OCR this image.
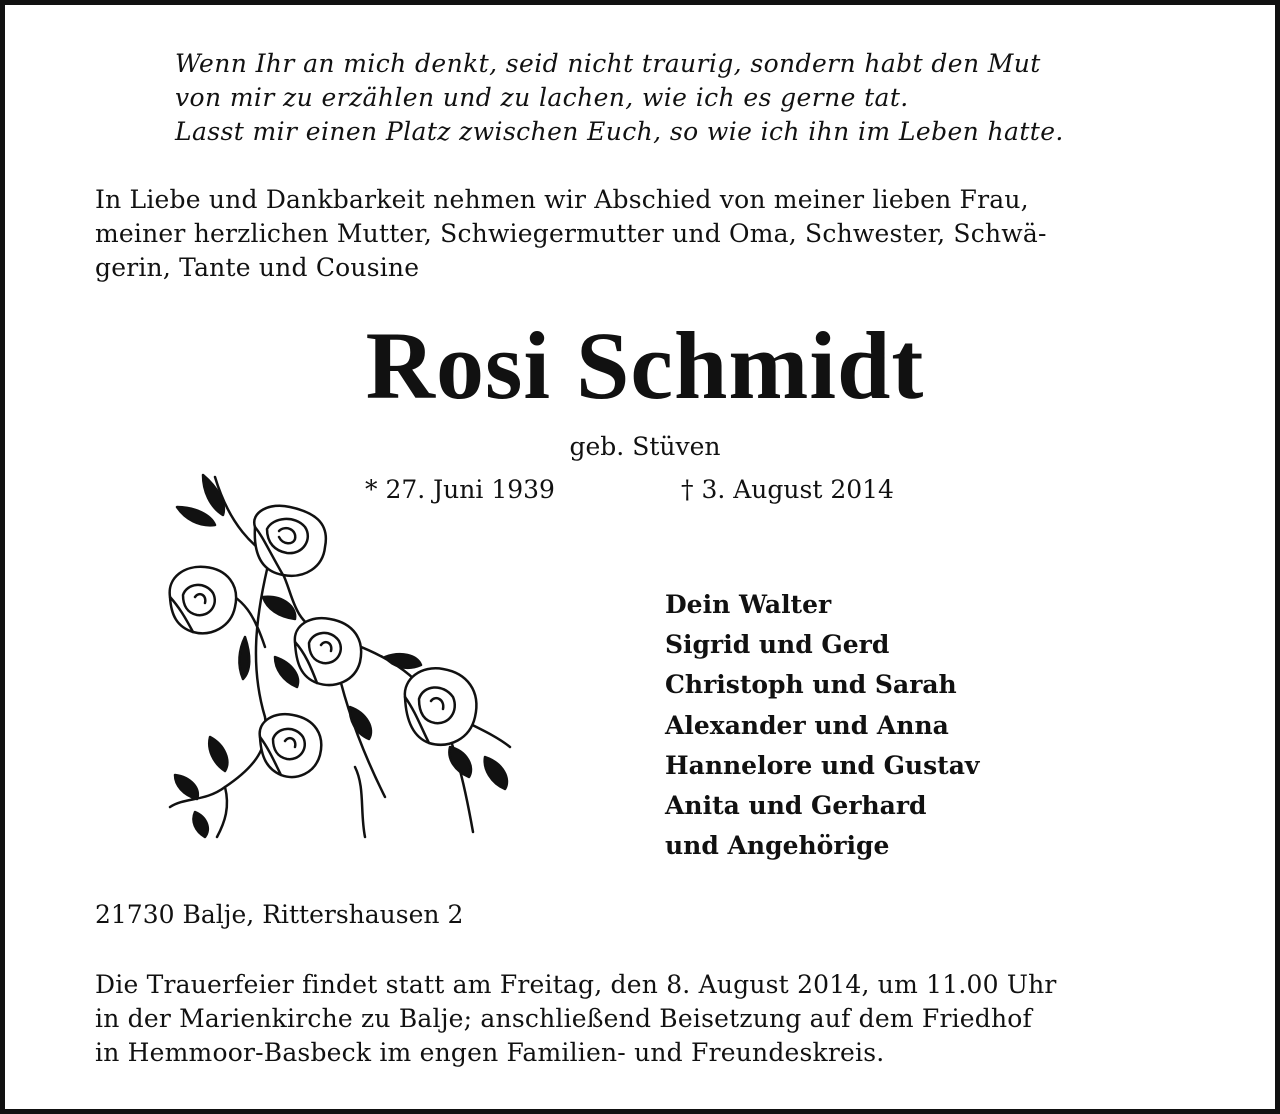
Wenn Ihr an mich denkt, seid nicht traurig, sondern habt den Mut
von mir zu erzählen und zu lachen, wie ich es gerne tat.
Lasst mir einen Platz zwischen Euch, so wie ich ihn im Leben hatte.
In Liebe und Dankbarkeit nehmen wir Abschied von meiner lieben Frau,
meiner herzlichen Mutter, Schwiegermutter und Oma, Schwester, Schwä-
gerin, Tante und Cousine
Rosi Schmidt
geb. Stüven
* 27. Juni 1939	† 3. August 2014
Dein Walter
Sigrid und Gerd
Christoph und Sarah
Alexander und Anna
Hannelore und Gustav
Anita und Gerhard
und Angehörige
21730 Balje, Rittershausen 2
Die Trauerfeier findet statt am Freitag, den 8. August 2014, um 11.00 Uhr
in der Marienkirche zu Balje; anschließend Beisetzung auf dem Friedhof
in Hemmoor-Basbeck im engen Familien- und Freundeskreis.
